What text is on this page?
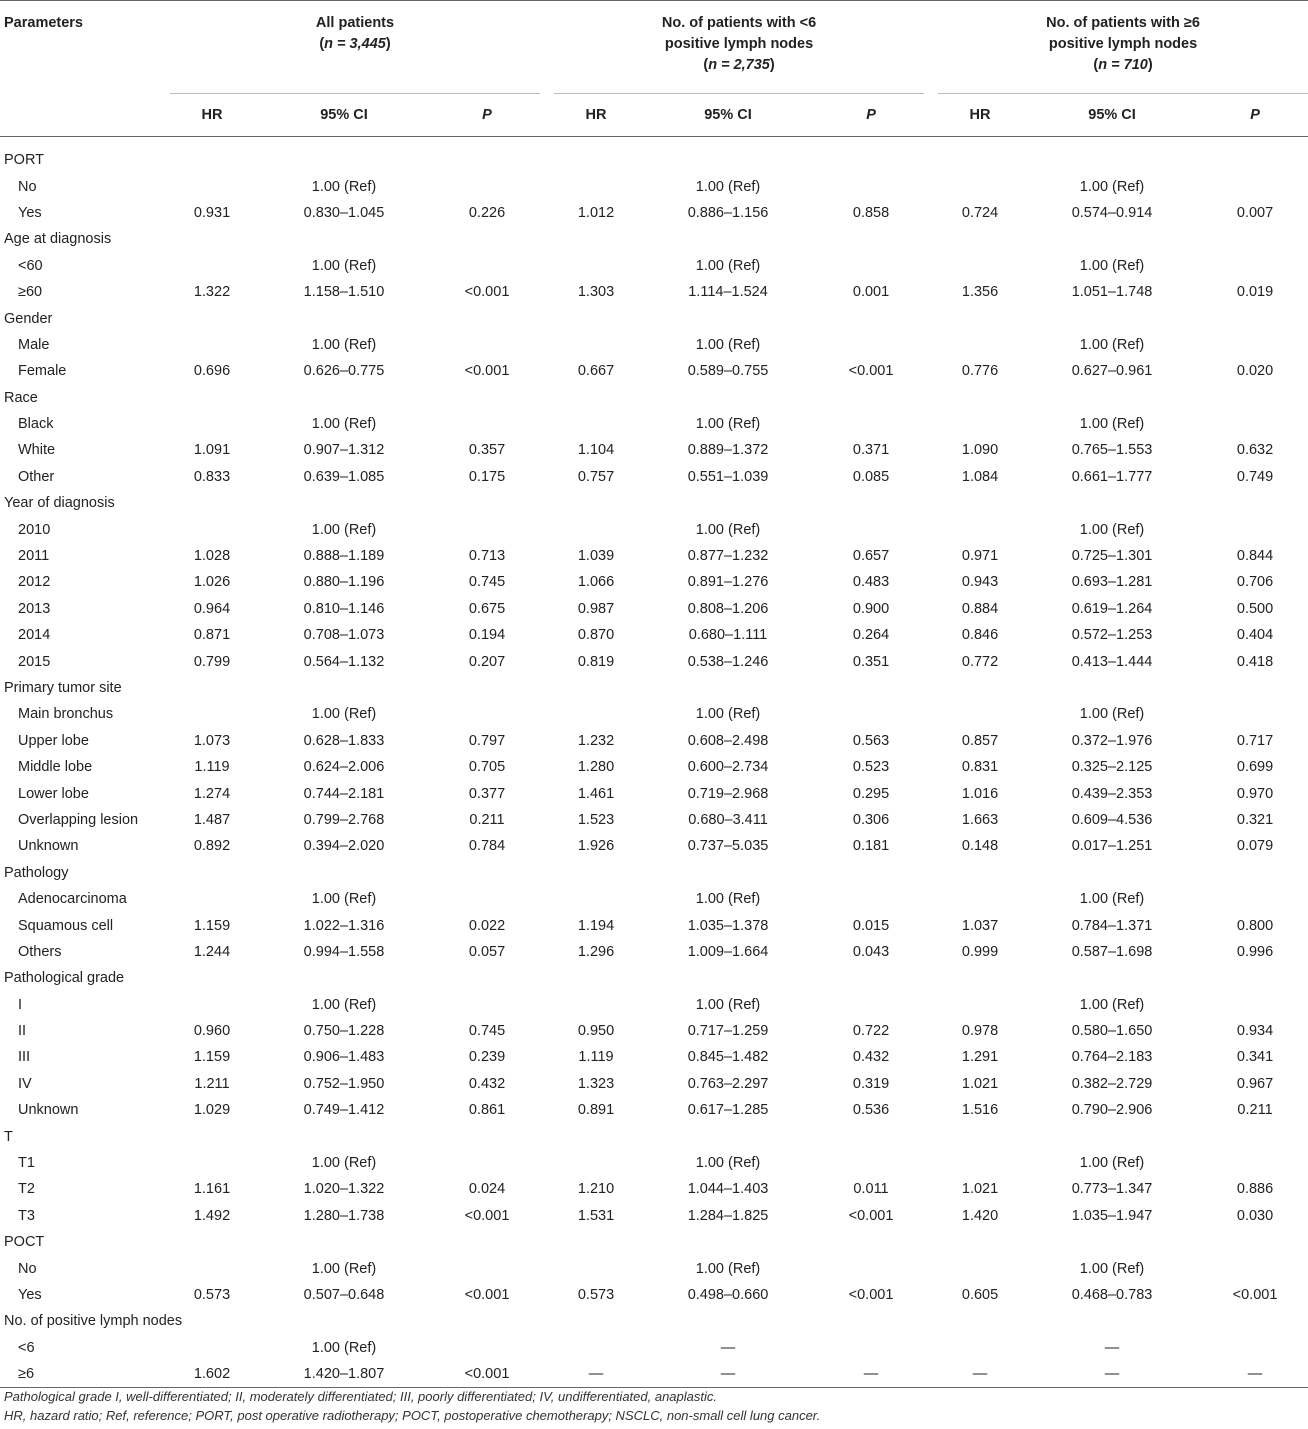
Parameters	All patients
(n = 3,445)				No. of patients with <6
positive lymph nodes
(n = 2,735)				No. of patients with ≥6
positive lymph nodes
(n = 710)		

	HR	95% CI	P		HR	95% CI	P		HR	95% CI	P
PORT											
No		1.00 (Ref)				1.00 (Ref)				1.00 (Ref)	
Yes	0.931	0.830–1.045	0.226		1.012	0.886–1.156	0.858		0.724	0.574–0.914	0.007
Age at diagnosis											
<60		1.00 (Ref)				1.00 (Ref)				1.00 (Ref)	
≥60	1.322	1.158–1.510	<0.001		1.303	1.114–1.524	0.001		1.356	1.051–1.748	0.019
Gender											
Male		1.00 (Ref)				1.00 (Ref)				1.00 (Ref)	
Female	0.696	0.626–0.775	<0.001		0.667	0.589–0.755	<0.001		0.776	0.627–0.961	0.020
Race											
Black		1.00 (Ref)				1.00 (Ref)				1.00 (Ref)	
White	1.091	0.907–1.312	0.357		1.104	0.889–1.372	0.371		1.090	0.765–1.553	0.632
Other	0.833	0.639–1.085	0.175		0.757	0.551–1.039	0.085		1.084	0.661–1.777	0.749
Year of diagnosis											
2010		1.00 (Ref)				1.00 (Ref)				1.00 (Ref)	
2011	1.028	0.888–1.189	0.713		1.039	0.877–1.232	0.657		0.971	0.725–1.301	0.844
2012	1.026	0.880–1.196	0.745		1.066	0.891–1.276	0.483		0.943	0.693–1.281	0.706
2013	0.964	0.810–1.146	0.675		0.987	0.808–1.206	0.900		0.884	0.619–1.264	0.500
2014	0.871	0.708–1.073	0.194		0.870	0.680–1.111	0.264		0.846	0.572–1.253	0.404
2015	0.799	0.564–1.132	0.207		0.819	0.538–1.246	0.351		0.772	0.413–1.444	0.418
Primary tumor site											
Main bronchus		1.00 (Ref)				1.00 (Ref)				1.00 (Ref)	
Upper lobe	1.073	0.628–1.833	0.797		1.232	0.608–2.498	0.563		0.857	0.372–1.976	0.717
Middle lobe	1.119	0.624–2.006	0.705		1.280	0.600–2.734	0.523		0.831	0.325–2.125	0.699
Lower lobe	1.274	0.744–2.181	0.377		1.461	0.719–2.968	0.295		1.016	0.439–2.353	0.970
Overlapping lesion	1.487	0.799–2.768	0.211		1.523	0.680–3.411	0.306		1.663	0.609–4.536	0.321
Unknown	0.892	0.394–2.020	0.784		1.926	0.737–5.035	0.181		0.148	0.017–1.251	0.079
Pathology											
Adenocarcinoma		1.00 (Ref)				1.00 (Ref)				1.00 (Ref)	
Squamous cell	1.159	1.022–1.316	0.022		1.194	1.035–1.378	0.015		1.037	0.784–1.371	0.800
Others	1.244	0.994–1.558	0.057		1.296	1.009–1.664	0.043		0.999	0.587–1.698	0.996
Pathological grade											
I		1.00 (Ref)				1.00 (Ref)				1.00 (Ref)	
II	0.960	0.750–1.228	0.745		0.950	0.717–1.259	0.722		0.978	0.580–1.650	0.934
III	1.159	0.906–1.483	0.239		1.119	0.845–1.482	0.432		1.291	0.764–2.183	0.341
IV	1.211	0.752–1.950	0.432		1.323	0.763–2.297	0.319		1.021	0.382–2.729	0.967
Unknown	1.029	0.749–1.412	0.861		0.891	0.617–1.285	0.536		1.516	0.790–2.906	0.211
T											
T1		1.00 (Ref)				1.00 (Ref)				1.00 (Ref)	
T2	1.161	1.020–1.322	0.024		1.210	1.044–1.403	0.011		1.021	0.773–1.347	0.886
T3	1.492	1.280–1.738	<0.001		1.531	1.284–1.825	<0.001		1.420	1.035–1.947	0.030
POCT											
No		1.00 (Ref)				1.00 (Ref)				1.00 (Ref)	
Yes	0.573	0.507–0.648	<0.001		0.573	0.498–0.660	<0.001		0.605	0.468–0.783	<0.001
No. of positive lymph nodes											
<6		1.00 (Ref)				—				—	
≥6	1.602	1.420–1.807	<0.001		—	—	—		—	—	—
Pathological grade I, well-differentiated; II, moderately differentiated; III, poorly differentiated; IV, undifferentiated, anaplastic.
HR, hazard ratio; Ref, reference; PORT, post operative radiotherapy; POCT, postoperative chemotherapy; NSCLC, non-small cell lung cancer.
